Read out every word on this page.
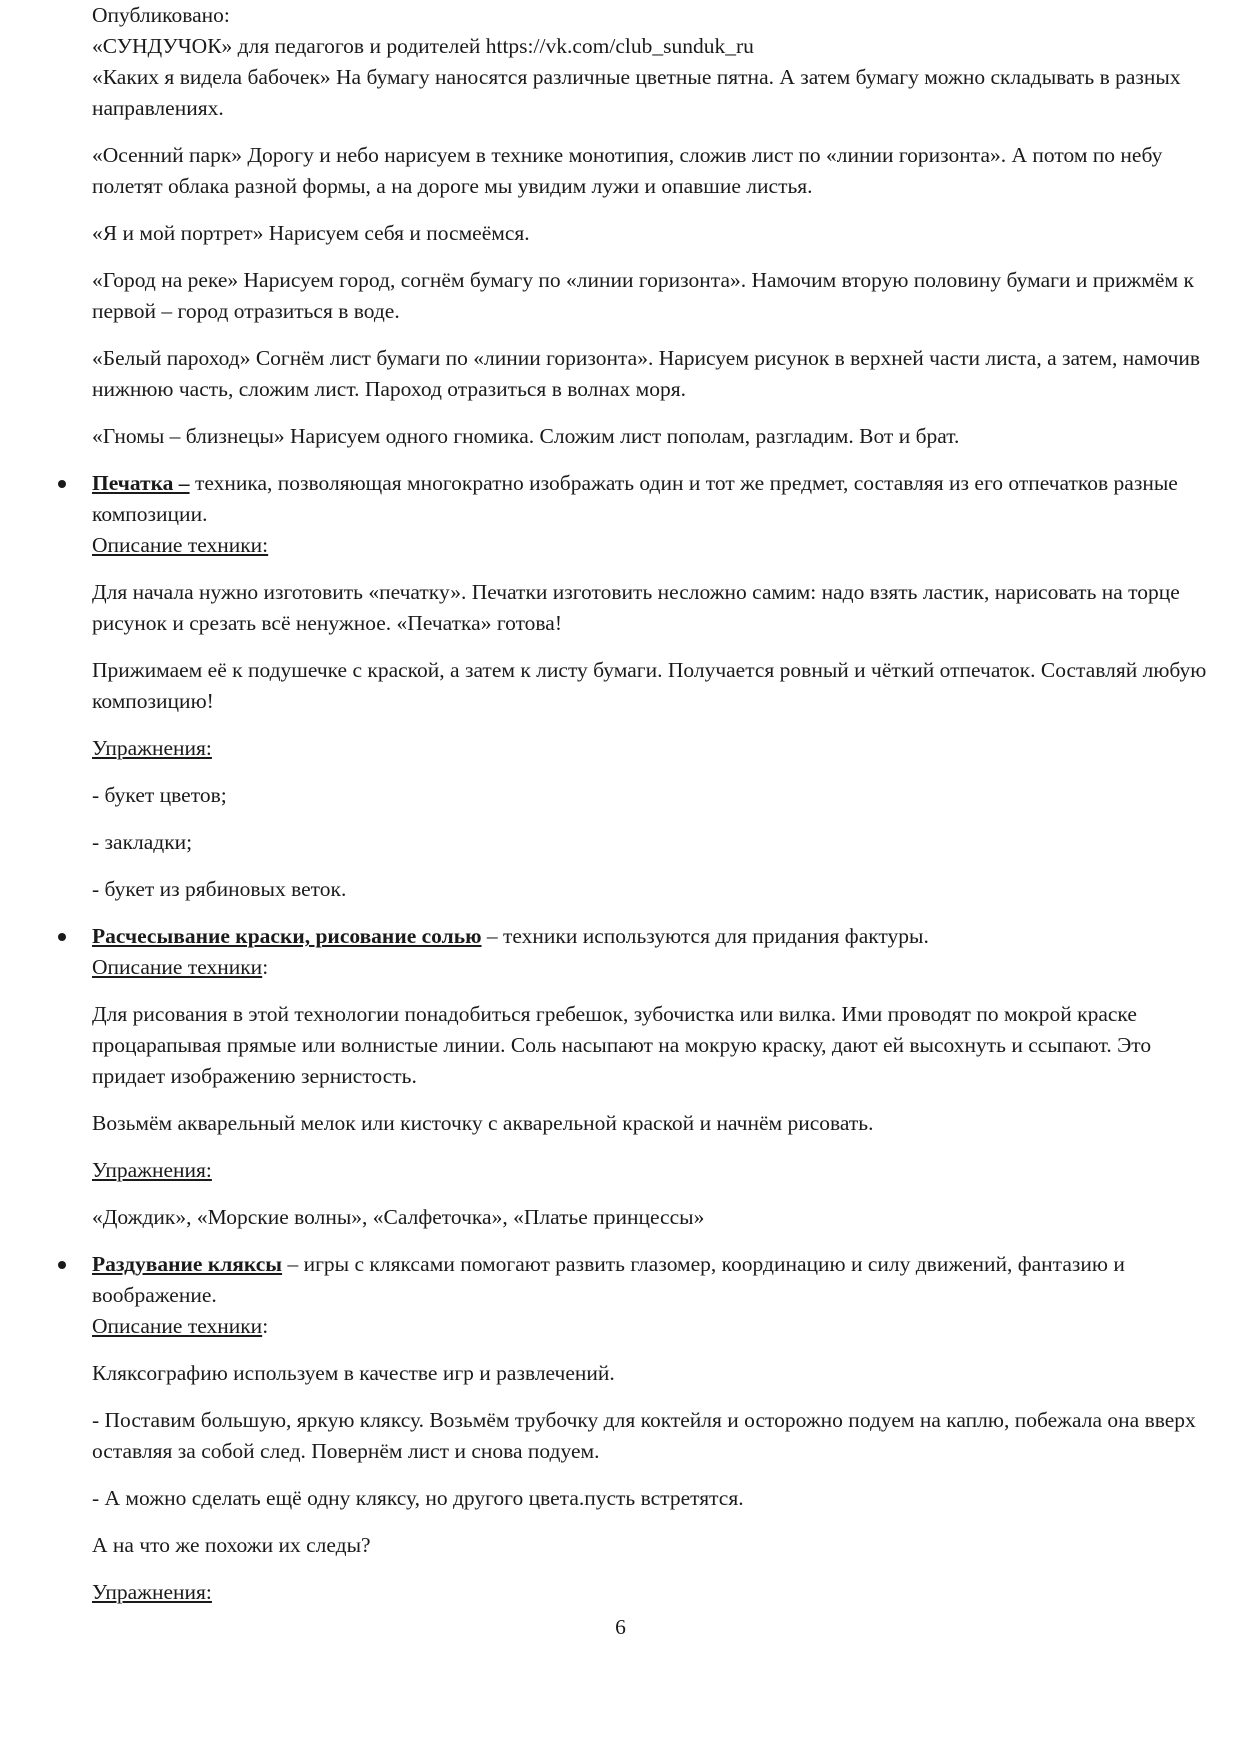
Опубликовано:

«СУНДУЧОК» для педагогов и родителей https://vk.com/club_sunduk_ru

«Каких я видела бабочек» На бумагу наносятся различные цветные пятна. А затем бумагу можно складывать в разных направлениях.

«Осенний парк» Дорогу и небо нарисуем в технике монотипия, сложив лист по «линии горизонта». А потом по небу полетят облака разной формы, а на дороге мы увидим лужи и опавшие листья.

«Я и мой портрет» Нарисуем себя и посмеёмся.

«Город на реке» Нарисуем город, согнём бумагу по «линии горизонта». Намочим вторую половину бумаги и прижмём к первой – город отразиться в воде.

«Белый пароход» Согнём лист бумаги по «линии горизонта». Нарисуем рисунок в верхней части листа, а затем, намочив нижнюю часть, сложим лист. Пароход отразиться в волнах моря.

«Гномы – близнецы» Нарисуем одного гномика. Сложим лист пополам, разгладим. Вот и брат.

Печатка – техника, позволяющая многократно изображать один и тот же предмет, составляя из его отпечатков разные композиции.

Описание техники:

Для начала нужно изготовить «печатку». Печатки изготовить несложно самим: надо взять ластик, нарисовать на торце рисунок и срезать всё ненужное. «Печатка» готова!

Прижимаем её к подушечке с краской, а затем к листу бумаги. Получается ровный и чёткий отпечаток. Составляй любую композицию!

Упражнения:

- букет цветов;

- закладки;

- букет из рябиновых веток.

Расчесывание краски, рисование солью – техники используются для придания фактуры.

Описание техники:

Для рисования в этой технологии понадобиться гребешок, зубочистка или вилка. Ими проводят по мокрой краске процарапывая прямые или волнистые линии. Соль насыпают на мокрую краску, дают ей высохнуть и ссыпают. Это придает изображению зернистость.

Возьмём акварельный мелок или кисточку с акварельной краской и начнём рисовать.

Упражнения:

«Дождик», «Морские волны», «Салфеточка», «Платье принцессы»

Раздувание кляксы – игры с кляксами помогают развить глазомер, координацию и силу движений, фантазию и воображение.

Описание техники:

Кляксографию используем в качестве игр и развлечений.

- Поставим большую, яркую кляксу. Возьмём трубочку для коктейля и осторожно подуем на каплю, побежала она вверх оставляя за собой след. Повернём лист и снова подуем.

- А можно сделать ещё одну кляксу, но другого цвета.пусть встретятся.

А на что же похожи их следы?

Упражнения:

6
